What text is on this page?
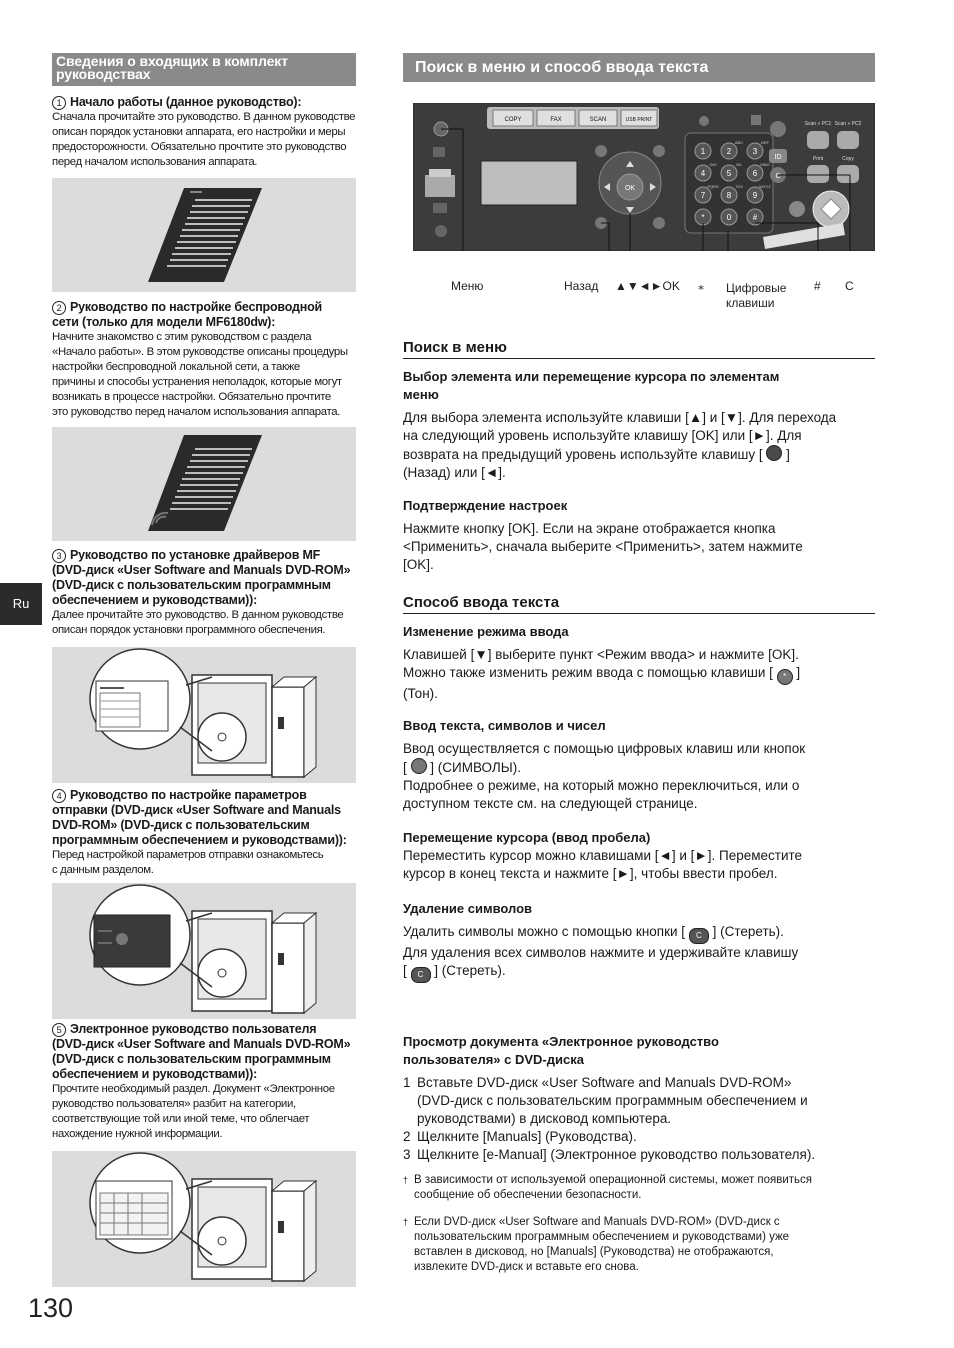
Сведения о входящих в комплект
руководствах
1 Начало работы (данное руководство):
Сначала прочитайте это руководство. В данном руководстве
описан порядок установки аппарата, его настройки и меры
предосторожности. Обязательно прочтите это руководство
перед началом использования аппарата.
2 Руководство по настройке беспроводной
сети (только для модели MF6180dw):
Начните знакомство с этим руководством с раздела
«Начало работы». В этом руководстве описаны процедуры
настройки беспроводной локальной сети, а также
причины и способы устранения неполадок, которые могут
возникать в процессе настройки. Обязательно прочтите
это руководство перед началом использования аппарата.
3 Руководство по установке драйверов MF
(DVD-диск «User Software and Manuals DVD-ROM»
(DVD-диск с пользовательским программным
обеспечением и руководствами)):
Далее прочитайте это руководство. В данном руководстве
описан порядок установки программного обеспечения.
4 Руководство по настройке параметров
отправки (DVD-диск «User Software and Manuals
DVD-ROM» (DVD-диск с пользовательским
программным обеспечением и руководствами)):
Перед настройкой параметров отправки ознакомьтесь
с данным разделом.
5 Электронное руководство пользователя
(DVD-диск «User Software and Manuals DVD-ROM»
(DVD-диск с пользовательским программным
обеспечением и руководствами)):
Прочтите необходимый раздел. Документ «Электронное
руководство пользователя» разбит на категории,
соответствующие той или иной теме, что облегчает
нахождение нужной информации.
Ru
130
Поиск в меню и способ ввода текста
COPY	FAX	SCAN	USB PRINT
OK
1	2
ABC
3
DEF
4
GHI
5
JKL
6
MNO
7
PQRS
8
TUV
9
WXYZ
*	0	#
ID
C
Scan » PC1 Scan » PC2
Print	Copy
Меню	Назад ▲▼◄►OK ⁎ Цифровые
клавиши
# C
Поиск в меню
Выбор элемента или перемещение курсора по элементам
меню
Для выбора элемента используйте клавиши [▲] и [▼]. Для перехода
на следующий уровень используйте клавишу [OK] или [►]. Для
возврата на предыдущий уровень используйте клавишу [ ]
(Назад) или [◄].
Подтверждение настроек
Нажмите кнопку [OK]. Если на экране отображается кнопка
<Применить>, сначала выберите <Применить>, затем нажмите
[OK].
Способ ввода текста
Изменение режима ввода
Клавишей [▼] выберите пункт <Режим ввода> и нажмите [OK].
Можно также изменить режим ввода с помощью клавиши [ * ]
(Тон).
Ввод текста, символов и чисел
Ввод осуществляется с помощью цифровых клавиш или кнопок
[ ] (СИМВОЛЫ).
Подробнее о режиме, на который можно переключиться, или о
доступном тексте см. на следующей странице.
Перемещение курсора (ввод пробела)
Переместить курсор можно клавишами [◄] и [►]. Переместите
курсор в конец текста и нажмите [►], чтобы ввести пробел.
Удаление символов
Удалить символы можно с помощью кнопки [ C ] (Стереть).
Для удаления всех символов нажмите и удерживайте клавишу
[ C ] (Стереть).
Просмотр документа «Электронное руководство
пользователя» с DVD-диска
1 Вставьте DVD-диск «User Software and Manuals DVD-ROM»
(DVD-диск с пользовательским программным обеспечением и
руководствами) в дисковод компьютера.
2 Щелкните [Manuals] (Руководства).
3 Щелкните [e-Manual] (Электронное руководство пользователя).
† В зависимости от используемой операционной системы, может появиться
сообщение об обеспечении безопасности.
† Если DVD-диск «User Software and Manuals DVD-ROM» (DVD-диск с
пользовательским программным обеспечением и руководствами) уже
вставлен в дисковод, но [Manuals] (Руководства) не отображаются,
извлеките DVD-диск и вставьте его снова.
